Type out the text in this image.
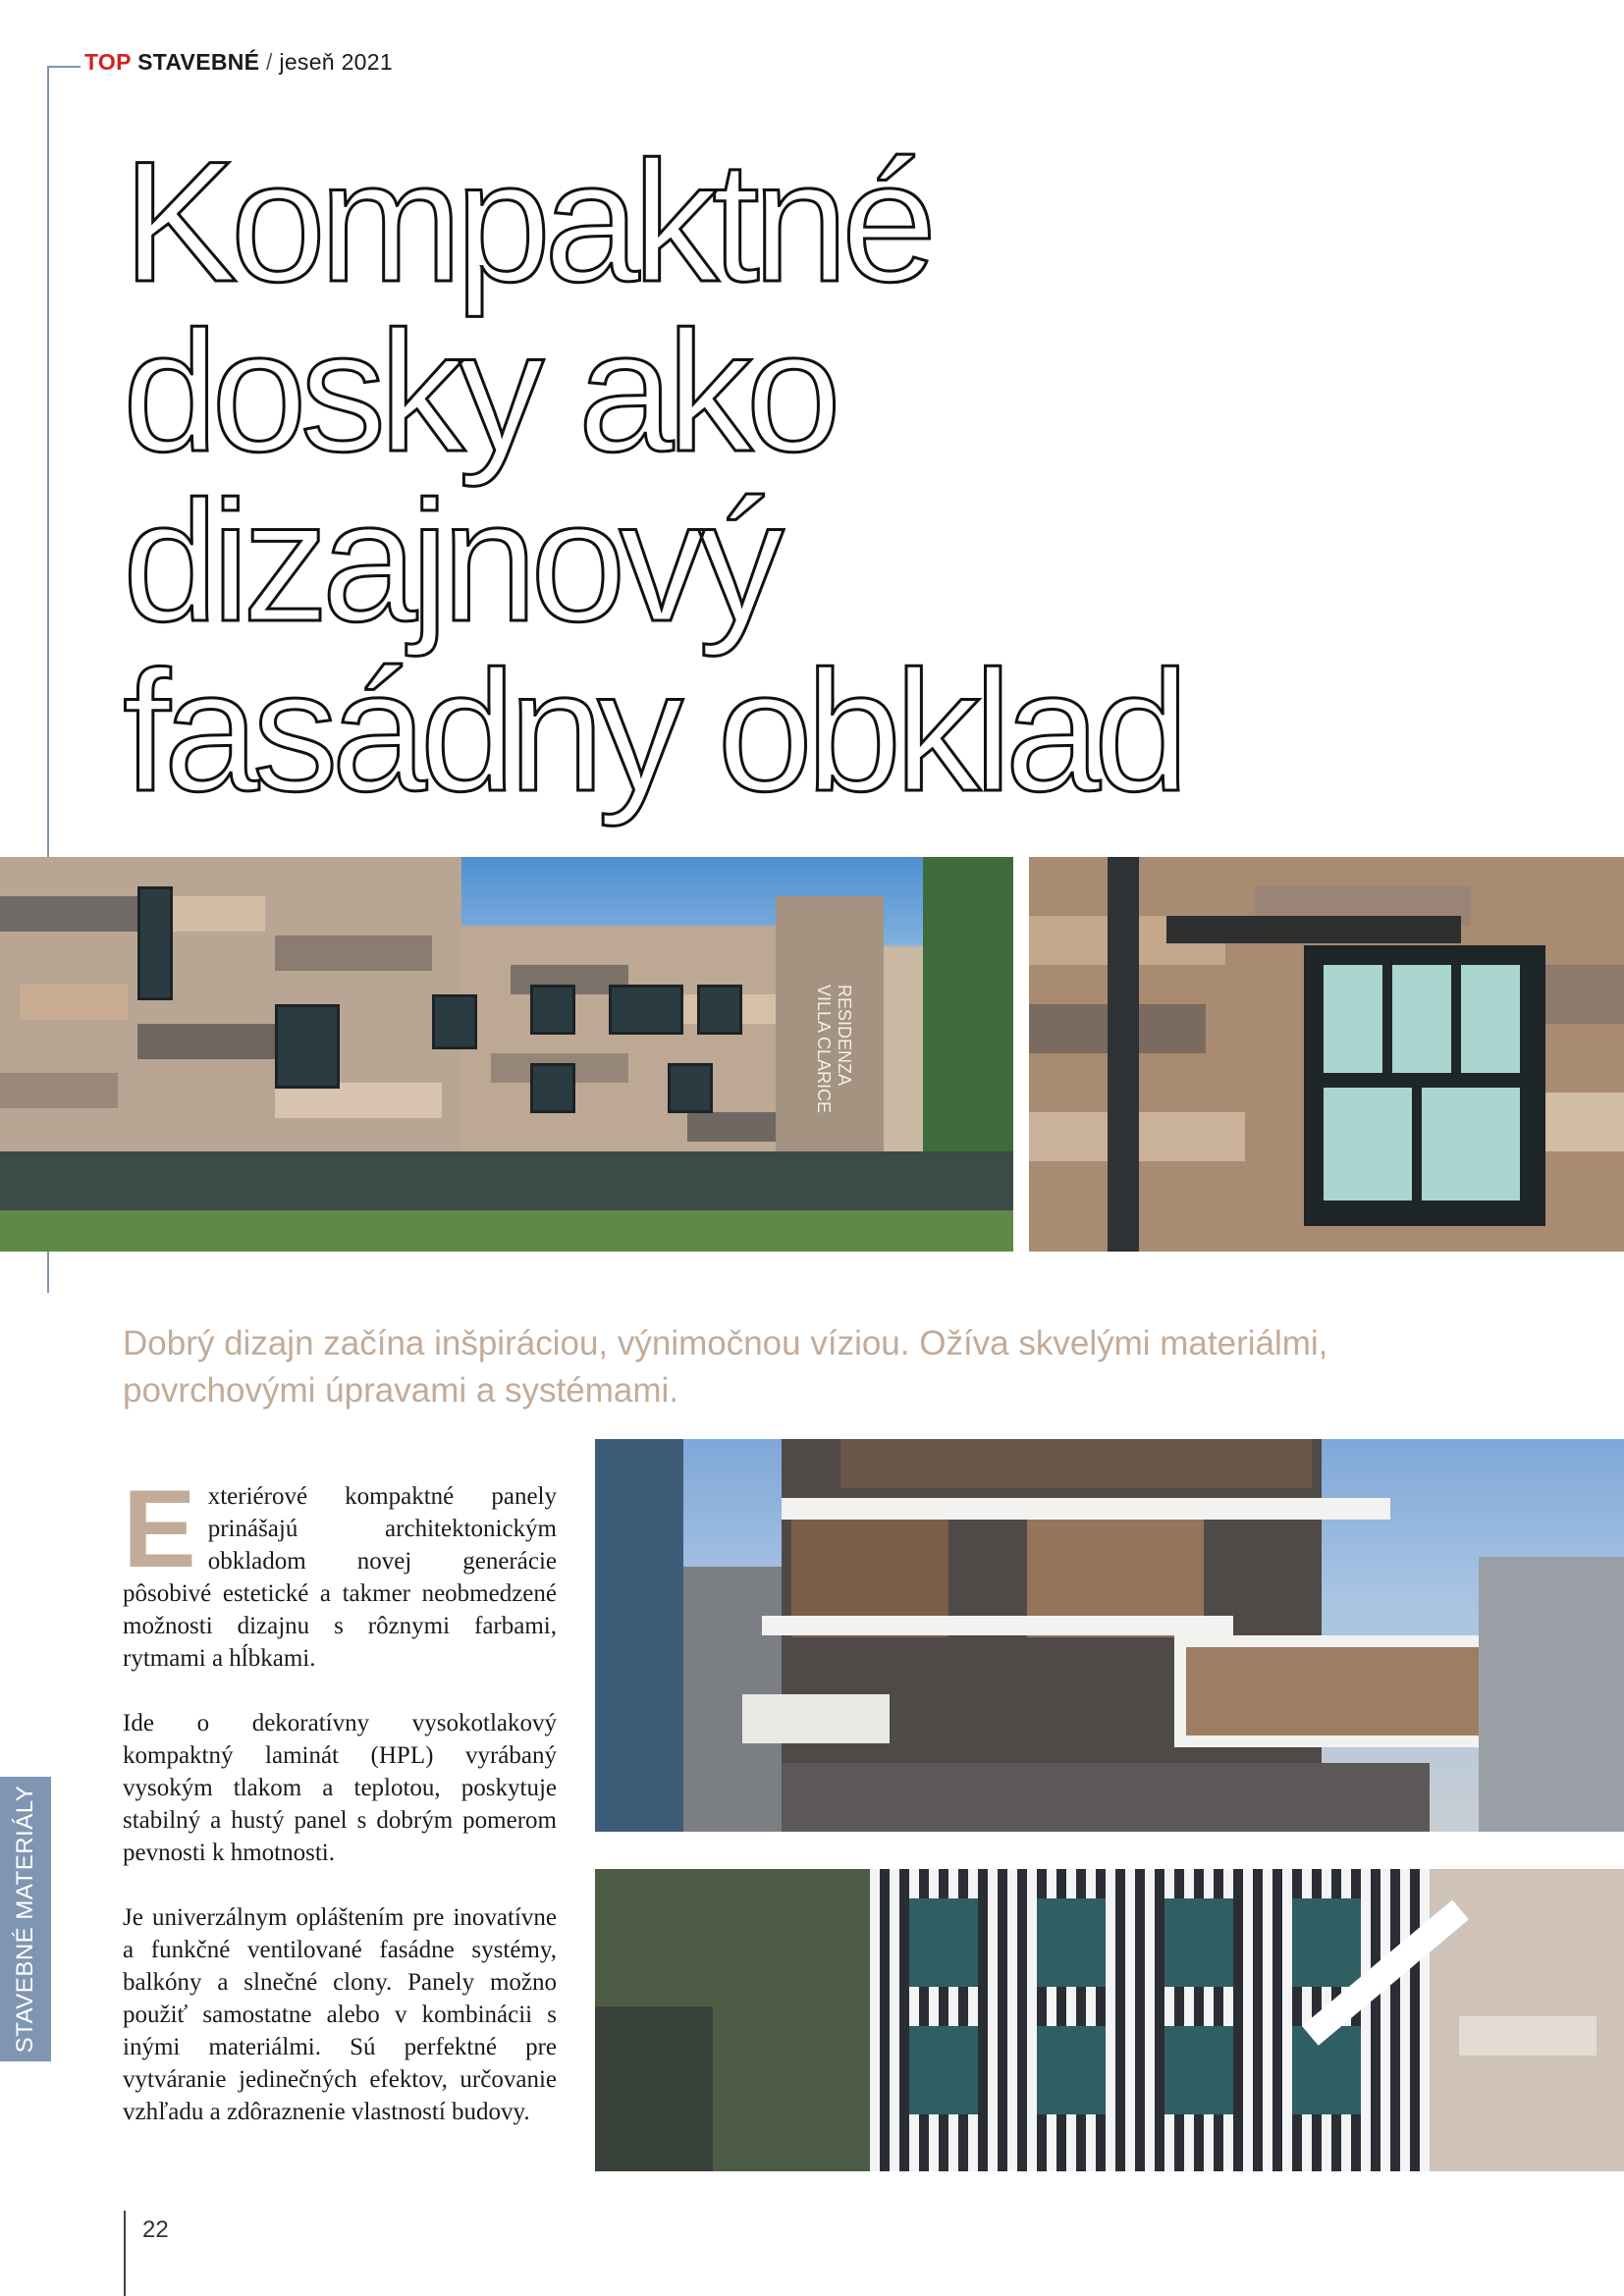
TOP STAVEBNÉ / jeseň 2021
Kompaktné
dosky ako
dizajnový
fasádny obklad
RESIDENZA VILLA CLARICE

Dobrý dizajn začína inšpiráciou, výnimočnou víziou. Ožíva skvelými materiálmi, povrchovými úpravami a systémami.

Exteriérové kompaktné panely prinášajú architektonickým obkladom novej generácie pôsobivé estetické a takmer neobmedzené možnosti dizajnu s rôznymi farbami, rytmami a hĺbkami.

Ide o dekoratívny vysokotlakový kompaktný laminát (HPL) vyrábaný vysokým tlakom a teplotou, poskytuje stabilný a hustý panel s dobrým pomerom pevnosti k hmotnosti.

Je univerzálnym opláštením pre inovatívne a funkčné ventilované fasádne systémy, balkóny a slnečné clony. Panely možno použiť samostatne alebo v kombinácii s inými materiálmi. Sú perfektné pre vytváranie jedinečných efektov, určovanie vzhľadu a zdôraznenie vlastností budovy.

STAVEBNÉ MATERIÁLY
22
